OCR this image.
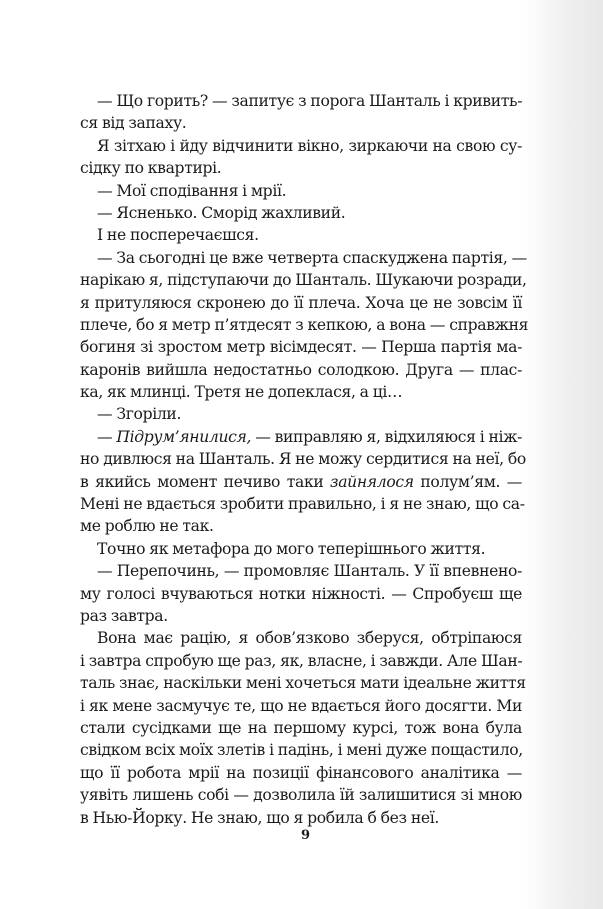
— Що горить? — запитує з порога Шанталь і кривить-
ся від запаху.
Я зітхаю і йду відчинити вікно, зиркаючи на свою су-
сідку по квартирі.
— Мої сподівання і мрії.
— Ясненько. Сморід жахливий.
І не посперечаєшся.
— За сьогодні це вже четверта спаскуджена партія, —
нарікаю я, підступаючи до Шанталь. Шукаючи розради,
я притуляюся скронею до її плеча. Хоча це не зовсім її
плече, бо я метр п’ятдесят з кепкою, а вона — справжня
богиня зі зростом метр вісімдесят. — Перша партія ма-
каронів вийшла недостатньо солодкою. Друга — плас-
ка, як млинці. Третя не допеклася, а ці…
— Згоріли.
— Підрум’янилися, — виправляю я, відхиляюся і ніж-
но дивлюся на Шанталь. Я не можу сердитися на неї, бо
в якийсь момент печиво таки зайнялося полум’ям. —
Мені не вдається зробити правильно, і я не знаю, що са-
ме роблю не так.
Точно як метафора до мого теперішнього життя.
— Перепочинь, — промовляє Шанталь. У її впевнено-
му голосі вчуваються нотки ніжності. — Спробуєш ще
раз завтра.
Вона має рацію, я обов’язково зберуся, обтріпаюся
і завтра спробую ще раз, як, власне, і завжди. Але Шан-
таль знає, наскільки мені хочеться мати ідеальне життя
і як мене засмучує те, що не вдається його досягти. Ми
стали сусідками ще на першому курсі, тож вона була
свідком всіх моїх злетів і падінь, і мені дуже пощастило,
що її робота мрії на позиції фінансового аналітика —
уявіть лишень собі — дозволила їй залишитися зі мною
в Нью-Йорку. Не знаю, що я робила б без неї.
9
